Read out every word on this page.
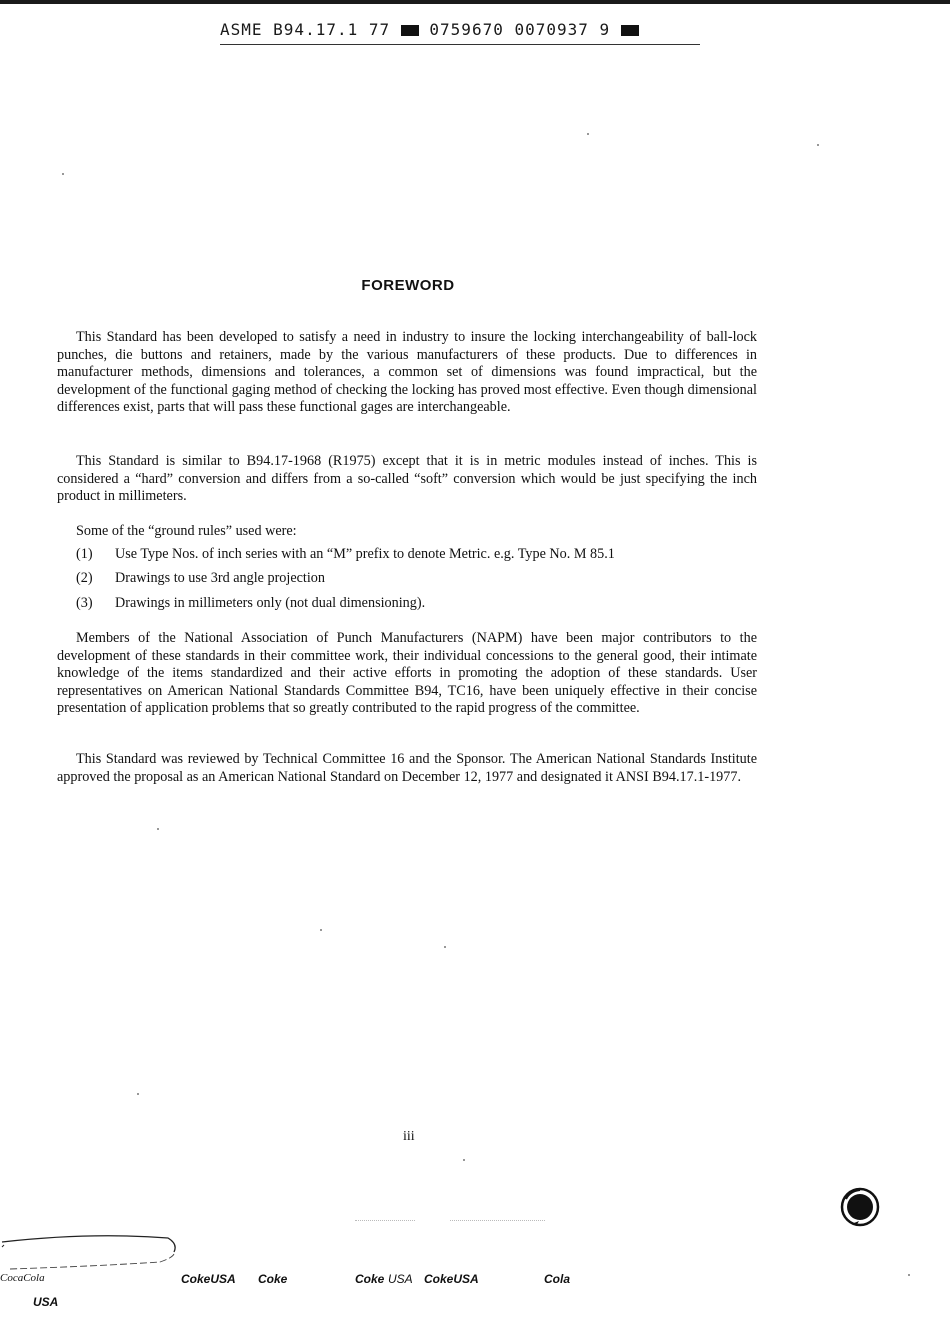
ASME B94.17.1 77 0759670 0070937 9
FOREWORD

This Standard has been developed to satisfy a need in industry to insure the locking interchangeability of ball-lock punches, die buttons and retainers, made by the various manufacturers of these products. Due to differences in manufacturer methods, dimensions and tolerances, a common set of dimensions was found impractical, but the development of the functional gaging method of checking the locking has proved most effective. Even though dimensional differences exist, parts that will pass these functional gages are interchangeable.

This Standard is similar to B94.17-1968 (R1975) except that it is in metric modules instead of inches. This is considered a “hard” conversion and differs from a so-called “soft” conversion which would be just specifying the inch product in millimeters.

Some of the “ground rules” used were:

(1) Use Type Nos. of inch series with an “M” prefix to denote Metric. e.g. Type No. M 85.1
(2) Drawings to use 3rd angle projection
(3) Drawings in millimeters only (not dual dimensioning).

Members of the National Association of Punch Manufacturers (NAPM) have been major contributors to the development of these standards in their committee work, their individual concessions to the general good, their intimate knowledge of the items standardized and their active efforts in promoting the adoption of these standards. User representatives on American National Standards Committee B94, TC16, have been uniquely effective in their concise presentation of application problems that so greatly contributed to the rapid progress of the committee.

This Standard was reviewed by Technical Committee 16 and the Sponsor. The American National Standards Institute approved the proposal as an American National Standard on December 12, 1977 and designated it ANSI B94.17.1-1977.

iii
CocaCola	CokeUSA Coke	Coke USA CokeUSA	Cola
USA
